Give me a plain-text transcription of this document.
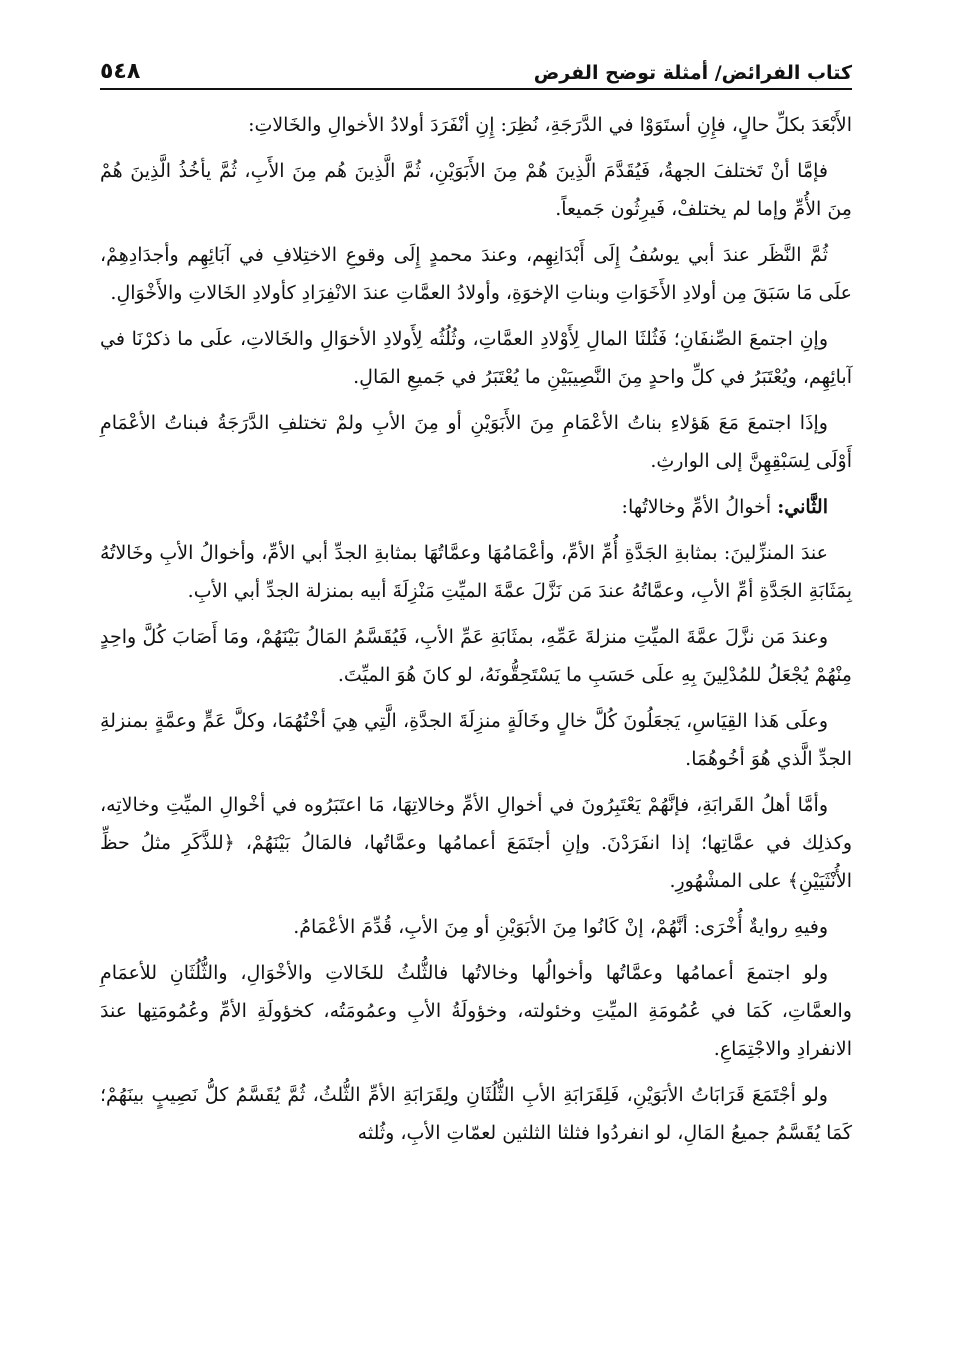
كتاب الفرائض/ أمثلة توضح الفرض
٥٤٨

الأَبْعَدَ بكلِّ حالٍ، فإِنِ أستَوَوْا في الدَّرَجَةِ، نُظِرَ: إِنِ أنْفَرَدَ أولادُ الأخوالِ والخَالاتِ:

فإمَّا أنْ تَختلفَ الجهةُ، فَيُقَدَّمَ الَّذِينَ هُمْ مِنَ الأَبَوَيْنِ، ثُمَّ الَّذِينَ هُم مِنَ الأَبِ، ثُمَّ يأخُذُ الَّذِينَ هُمْ مِنَ الأُمِّ وإما لم يختلفْ، فَيرِثُون جَميعاً.

ثُمَّ النَّظَر عندَ أبي يوسُفُ إِلَى أَبْدَانِهِم، وعندَ محمدٍ إِلَى وقوعِ الاختِلافِ في آبَائِهِم وأجدَادِهِمْ، علَى مَا سَبَقَ مِن أولادِ الأَخَوَاتِ وبناتِ الإخوَةِ، وأولادُ العمَّاتِ عندَ الانْفِرَادِ كأولادِ الخَالاتِ والأَخْوَالِ.

وإنِ اجتمعَ الصِّنفَانِ؛ فَثُلثَا المالِ لِأَوْلادِ العمَّاتِ، وثُلُثُه لِأَولادِ الأخوَالِ والخَالاتِ، علَى ما ذكرْنَا في آبائِهِم، ويُعْتَبَرُ في كلِّ واحدٍ مِنَ النَّصِيبَيْنِ ما يُعْتَبَرُ في جَميعِ المَالِ.

وإذَا اجتمعَ مَعَ هَؤلاءِ بناتُ الأعْمَامِ مِنَ الأَبَوَيْنِ أو مِنَ الأبِ ولمْ تختلفِ الدَّرَجَةُ فبناتُ الأعْمَامِ أَوْلَى لِسَبْقِهِنَّ إلى الوارثِ.

الثَّاني: أخوالُ الأمِّ وخالاتُها:

عندَ المنزِّلينَ: بمثابةِ الجَدَّةِ أُمِّ الأمِّ، وأعْمَامُهَا وعمَّاتُهَا بمثابةِ الجدِّ أبي الأمِّ، وأخوالُ الأبِ وخَالاتُهُ بِمَثَابَةِ الجَدَّةِ أمِّ الأبِ، وعمَّاتُهُ عندَ مَن نَزَّلَ عمَّةَ الميِّتِ مَنْزِلَةَ أبيه بمنزلة الجدِّ أبي الأبِ.

وعندَ مَن نزَّلَ عمَّةَ الميِّتِ منزلةَ عَمِّهِ، بمثَابَةِ عَمِّ الأبِ، فَيُقَسَّمُ المَالُ بَيْنَهُمْ، ومَا أَصَابَ كُلَّ واحِدٍ مِنْهُمْ يُجْعَلُ للمُدْلِينَ بِهِ علَى حَسَبِ ما يَسْتَحِقُّونَهُ، لو كانَ هُوَ الميِّتَ.

وعلَى هَذا القِيَاسِ، يَجعَلُونَ كُلَّ خالٍ وخَالَةٍ منزِلَةَ الجدَّةِ، الَّتِي هِيَ أخْتُهُمَا، وكلَّ عَمٍّ وعمَّةٍ بمنزلةِ الجدِّ الَّذي هُوَ أخُوهُمَا.

وأمَّا أهلُ القَرابَةِ، فإنَّهُمْ يَعْتَبِرُونَ في أخوالِ الأمِّ وخالاتِهَا، مَا اعتَبَرُوه في أخْوالِ الميِّتِ وخالاتِه، وكذلِك في عمَّاتِها؛ إذا انفَرَدْنَ. وإنِ أجتَمَعَ أعمامُها وعمَّاتُها، فالمَالُ بَيْنَهُمْ، ﴿للذَّكَرِ مثلُ حظِّ الأُنْثَيَيْنِ﴾ على المشْهُورِ.

وفيهِ روايةٌ أُخْرَى: أنَّهُمْ، إنْ كَانُوا مِنَ الأبَوَيْنِ أو مِنَ الأبِ، قُدِّمَ الأعْمَامُ.

ولو اجتمعَ أعمامُها وعمَّاتُها وأخوالُها وخالاتُها فالثُّلثُ للخَالاتِ والأخْوَالِ، والثُّلُثَانِ للأعمَامِ والعمَّاتِ، كَمَا في عُمُومَةِ الميِّتِ وخئولته، وخؤولَةُ الأبِ وعمُومَتُه، كخؤولَةِ الأمِّ وعُمُومَتِها عندَ الانفرادِ والاجْتِمَاعِ.

ولو أجْتَمَعَ قَرَابَاتُ الأبَوَيْنِ، فَلِقَرَابَةِ الأبِ الثُّلُثَانِ ولِقَرَابَةِ الأمِّ الثُّلثُ، ثُمَّ يُقَسَّمُ كلُّ نَصِيبٍ بينَهُمْ؛ كَمَا يُقَسَّمُ جميعُ المَالِ، لو انفردُوا فثلثا الثلثين لعمّاتِ الأبِ، وثُلثه
